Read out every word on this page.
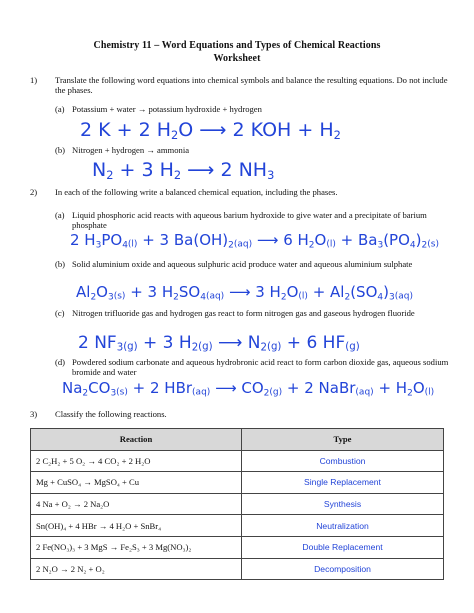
Chemistry 11 – Word Equations and Types of Chemical Reactions
Worksheet
1) Translate the following word equations into chemical symbols and balance the resulting equations. Do not include the phases.
(a) Potassium + water → potassium hydroxide + hydrogen
2 K + 2 $H_2O$ ⟶ 2 KOH + $H_2$
(b) Nitrogen + hydrogen → ammonia
$N_2 + 3$ $H_2$ ⟶ 2 $NH_3$
2) In each of the following write a balanced chemical equation, including the phases.
(a) Liquid phosphoric acid reacts with aqueous barium hydroxide to give water and a precipitate of barium phosphate
2 $H_3PO_4(l) + 3$ $Ba(OH)_2(aq)$ ⟶ 6 $H_2O(l) + Ba_3(PO_4)_2(s)$
(b) Solid aluminium oxide and aqueous sulphuric acid produce water and aqueous aluminium sulphate
$Al_2O_3(s) + 3$ $H_2SO_4(aq)$ ⟶ 3 $H_2O(l) + Al_2(SO_4)_3(aq)$
(c) Nitrogen trifluoride gas and hydrogen gas react to form nitrogen gas and gaseous hydrogen fluoride
2 $NF_3(g) + 3$ $H_2(g)$ ⟶ $N_2(g) + 6$ HF(g)
(d) Powdered sodium carbonate and aqueous hydrobronic acid react to form carbon dioxide gas, aqueous sodium bromide and water
$Na_2CO_3(s) + 2$ HBr(aq) ⟶ $CO_2(g) + 2$ NaBr(aq) + $H_2O(l)$
3) Classify the following reactions.
Reaction	Type
2 C₂H₂ + 5 O₂ → 4 CO₂ + 2 H₂O	Combustion
Mg + CuSO₄ → MgSO₄ + Cu	Single Replacement
4 Na + O₂ → 2 Na₂O	Synthesis
Sn(OH)₄ + 4 HBr → 4 H₂O + SnBr₄	Neutralization
2 Fe(NO₃)₃ + 3 MgS → Fe₂S₃ + 3 Mg(NO₃)₂	Double Replacement
2 N₂O → 2 N₂ + O₂	Decomposition
